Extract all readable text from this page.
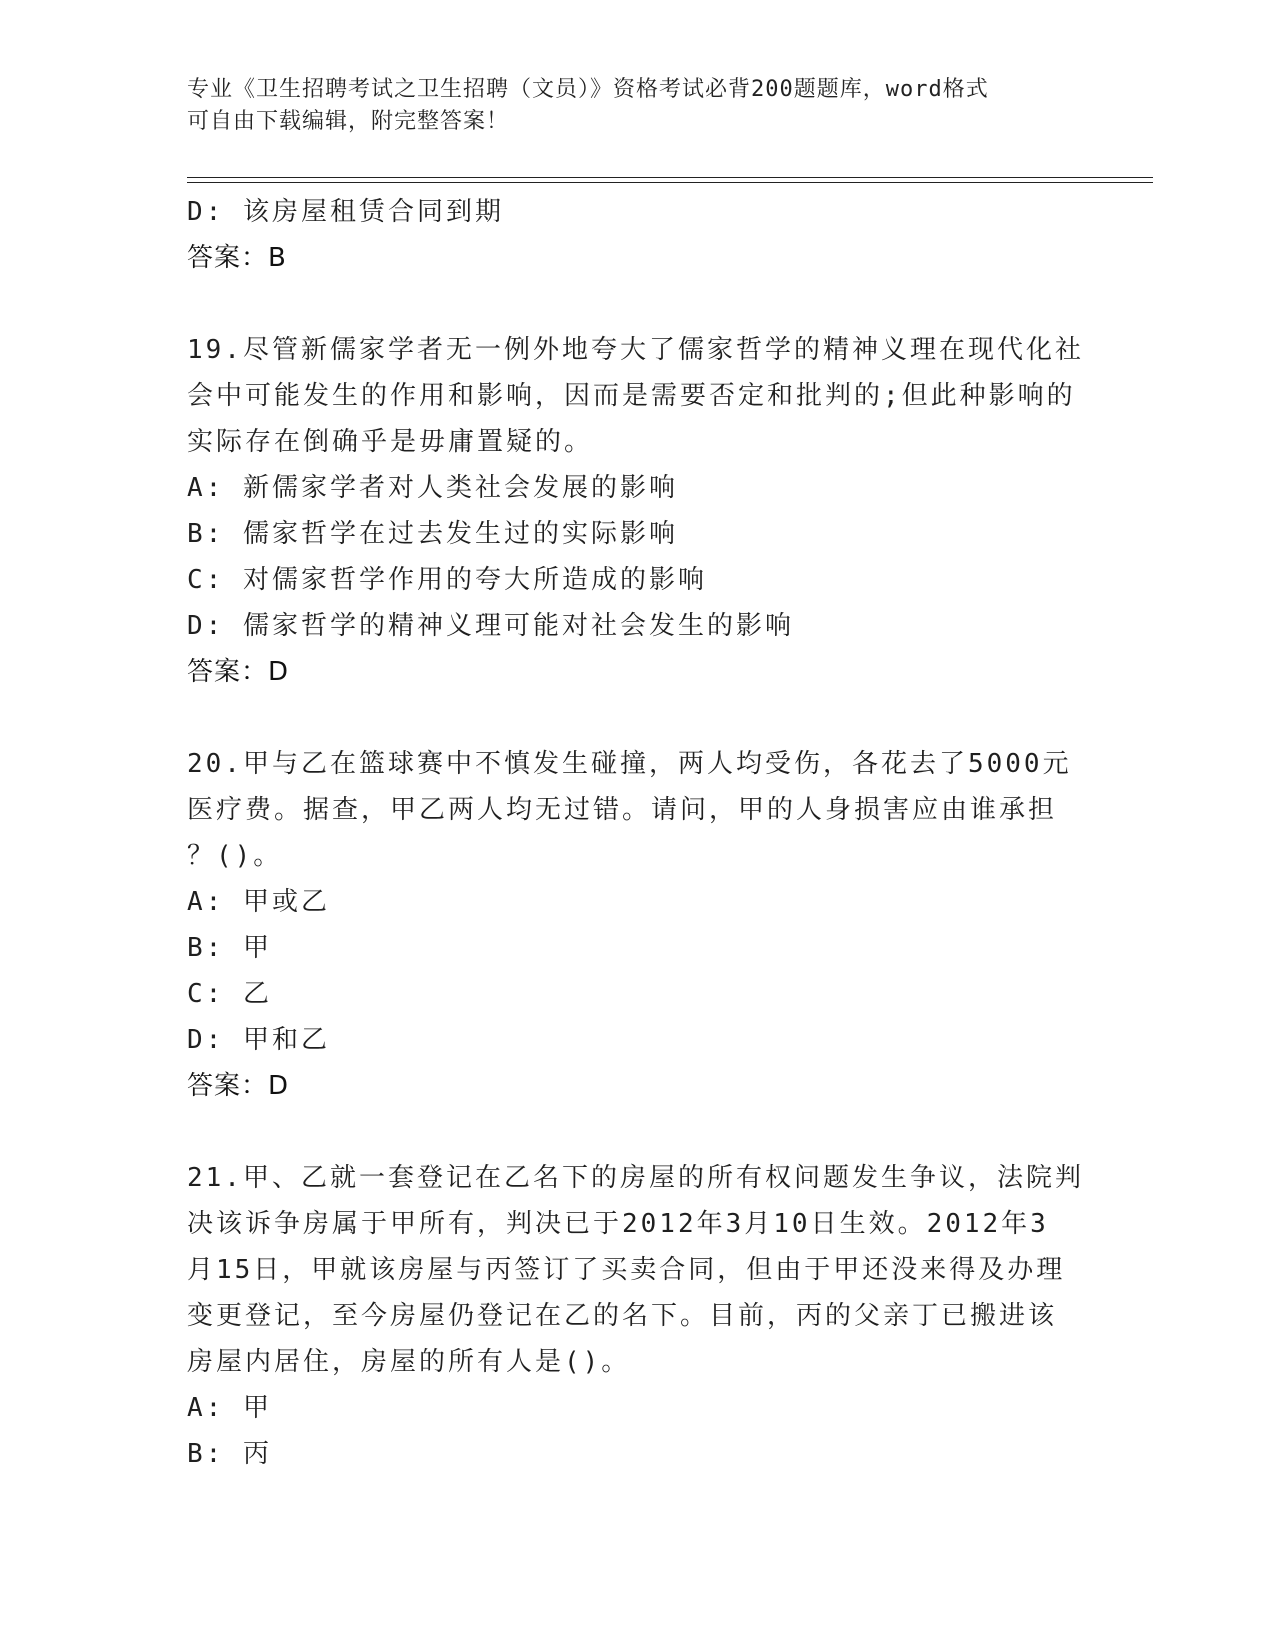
专业《卫生招聘考试之卫生招聘（文员）》资格考试必背200题题库，word格式
可自由下载编辑，附完整答案！
D: 该房屋租赁合同到期
答案：B
19.尽管新儒家学者无一例外地夸大了儒家哲学的精神义理在现代化社
会中可能发生的作用和影响，因而是需要否定和批判的;但此种影响的
实际存在倒确乎是毋庸置疑的。
A: 新儒家学者对人类社会发展的影响
B: 儒家哲学在过去发生过的实际影响
C: 对儒家哲学作用的夸大所造成的影响
D: 儒家哲学的精神义理可能对社会发生的影响
答案：D
20.甲与乙在篮球赛中不慎发生碰撞，两人均受伤，各花去了5000元
医疗费。据查，甲乙两人均无过错。请问，甲的人身损害应由谁承担
？()。
A: 甲或乙
B: 甲
C: 乙
D: 甲和乙
答案：D
21.甲、乙就一套登记在乙名下的房屋的所有权问题发生争议，法院判
决该诉争房属于甲所有，判决已于2012年3月10日生效。2012年3
月15日，甲就该房屋与丙签订了买卖合同，但由于甲还没来得及办理
变更登记，至今房屋仍登记在乙的名下。目前，丙的父亲丁已搬进该
房屋内居住，房屋的所有人是()。
A: 甲
B: 丙
